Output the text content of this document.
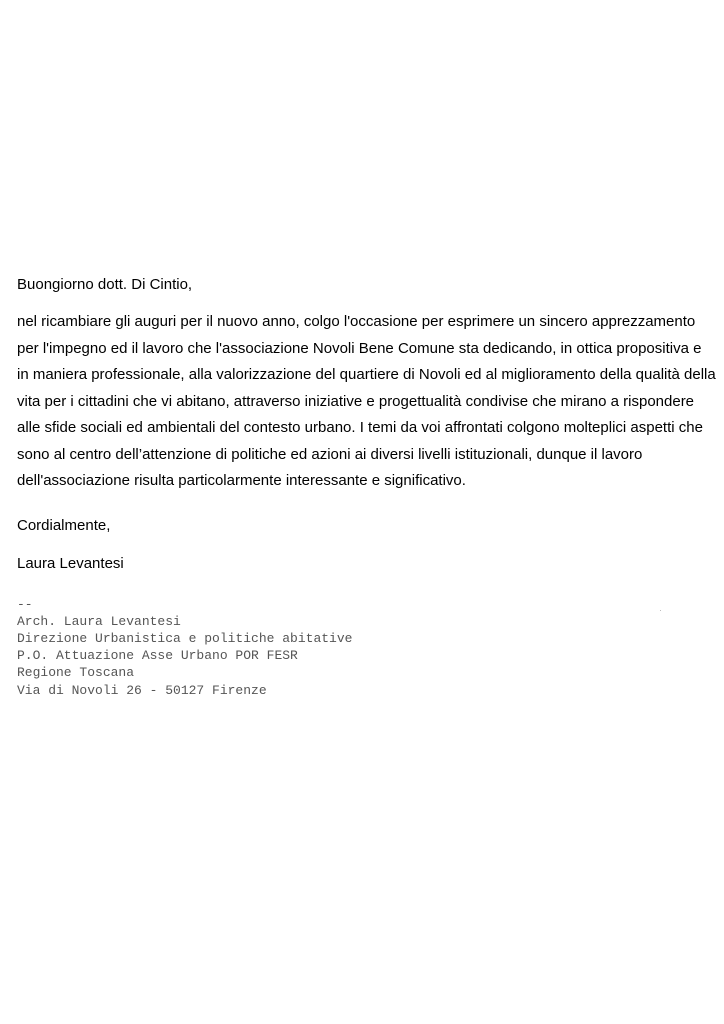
Buongiorno dott. Di Cintio,

nel ricambiare gli auguri per il nuovo anno, colgo l'occasione per esprimere un sincero apprezzamento per l'impegno ed il lavoro che l'associazione Novoli Bene Comune sta dedicando, in ottica propositiva e in maniera professionale, alla valorizzazione del quartiere di Novoli ed al miglioramento della qualità della vita per i cittadini che vi abitano, attraverso iniziative e progettualità condivise che mirano a rispondere alle sfide sociali ed ambientali del contesto urbano. I temi da voi affrontati colgono molteplici aspetti che sono al centro dell’attenzione di politiche ed azioni ai diversi livelli istituzionali, dunque il lavoro dell'associazione risulta particolarmente interessante e significativo.

Cordialmente,

Laura Levantesi

--
Arch. Laura Levantesi
Direzione Urbanistica e politiche abitative
P.O. Attuazione Asse Urbano POR FESR
Regione Toscana
Via di Novoli 26 - 50127 Firenze
